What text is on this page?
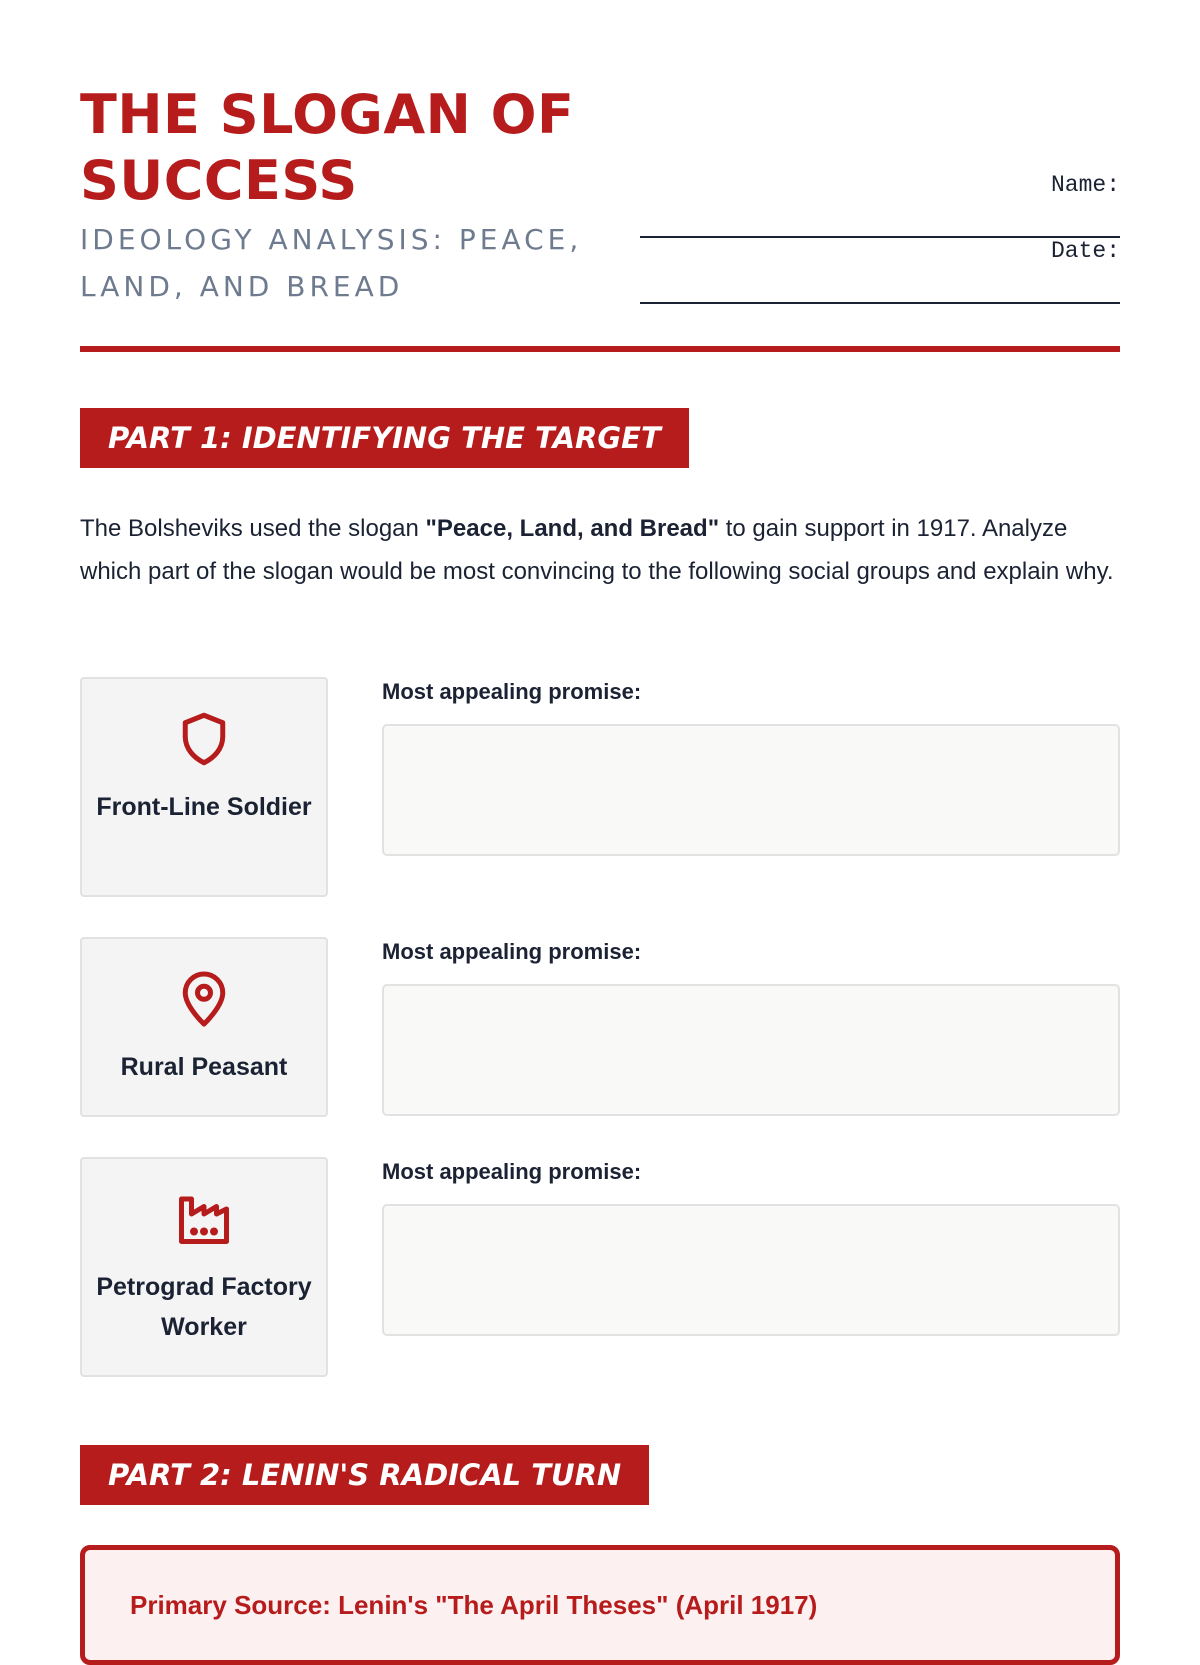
THE SLOGAN OF SUCCESS

IDEOLOGY ANALYSIS: PEACE, LAND, AND BREAD

Name:
Date:
PART 1: IDENTIFYING THE TARGET

The Bolsheviks used the slogan "Peace, Land, and Bread" to gain support in 1917. Analyze which part of the slogan would be most convincing to the following social groups and explain why.

Front-Line Soldier
Most appealing promise:
Rural Peasant
Most appealing promise:
Petrograd Factory Worker
Most appealing promise:
PART 2: LENIN'S RADICAL TURN
Primary Source: Lenin's "The April Theses" (April 1917)
